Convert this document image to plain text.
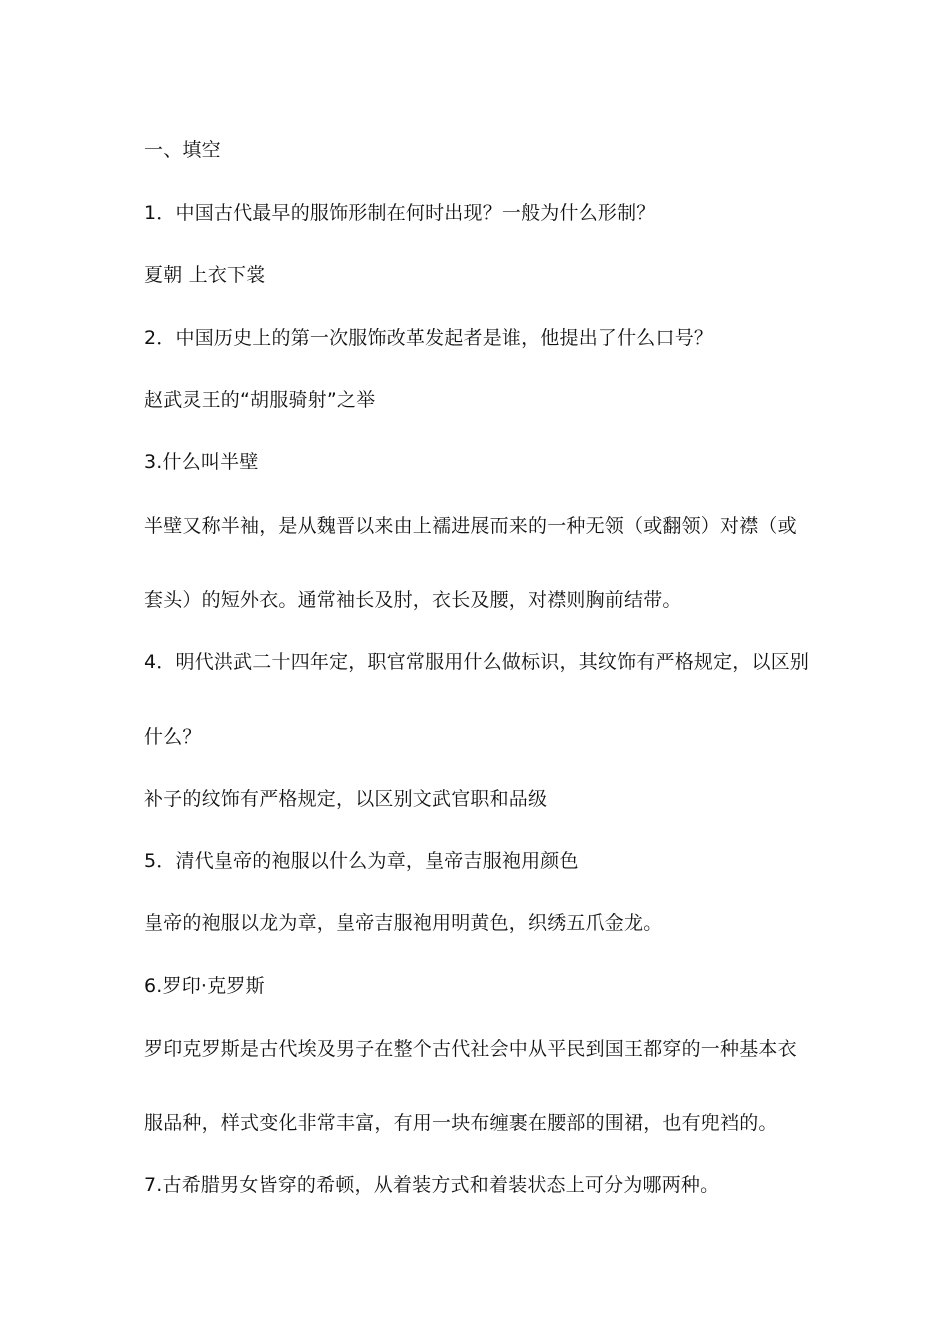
一、填空
1．中国古代最早的服饰形制在何时出现？一般为什么形制？
夏朝 上衣下裳
2．中国历史上的第一次服饰改革发起者是谁，他提出了什么口号？
赵武灵王的“胡服骑射”之举
3.什么叫半壁
半壁又称半袖，是从魏晋以来由上襦进展而来的一种无领（或翻领）对襟（或
套头）的短外衣。通常袖长及肘，衣长及腰，对襟则胸前结带。
4．明代洪武二十四年定，职官常服用什么做标识，其纹饰有严格规定，以区别
什么？
补子的纹饰有严格规定，以区别文武官职和品级
5．清代皇帝的袍服以什么为章，皇帝吉服袍用颜色
皇帝的袍服以龙为章，皇帝吉服袍用明黄色，织绣五爪金龙。
6.罗印·克罗斯
罗印克罗斯是古代埃及男子在整个古代社会中从平民到国王都穿的一种基本衣
服品种，样式变化非常丰富，有用一块布缠裹在腰部的围裙，也有兜裆的。
7.古希腊男女皆穿的希顿，从着装方式和着装状态上可分为哪两种。
